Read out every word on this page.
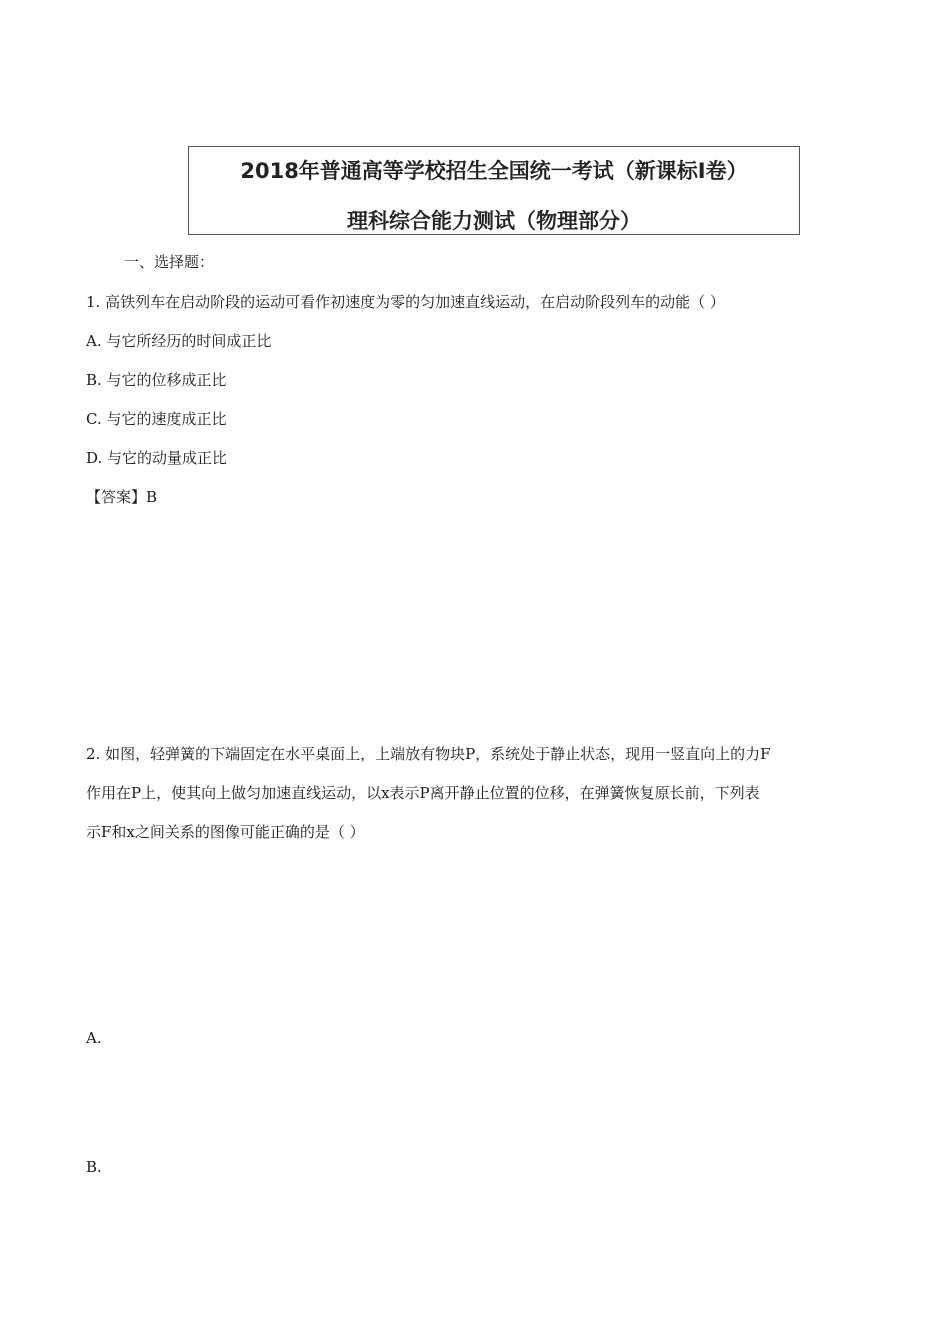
2018年普通高等学校招生全国统一考试（新课标Ⅰ卷）
理科综合能力测试（物理部分）
一、选择题：
1. 高铁列车在启动阶段的运动可看作初速度为零的匀加速直线运动，在启动阶段列车的动能（ ）
A. 与它所经历的时间成正比
B. 与它的位移成正比
C. 与它的速度成正比
D. 与它的动量成正比
【答案】B
2. 如图，轻弹簧的下端固定在水平桌面上，上端放有物块P，系统处于静止状态，现用一竖直向上的力F
作用在P上，使其向上做匀加速直线运动，以x表示P离开静止位置的位移，在弹簧恢复原长前，下列表
示F和x之间关系的图像可能正确的是（ ）
A.
B.
